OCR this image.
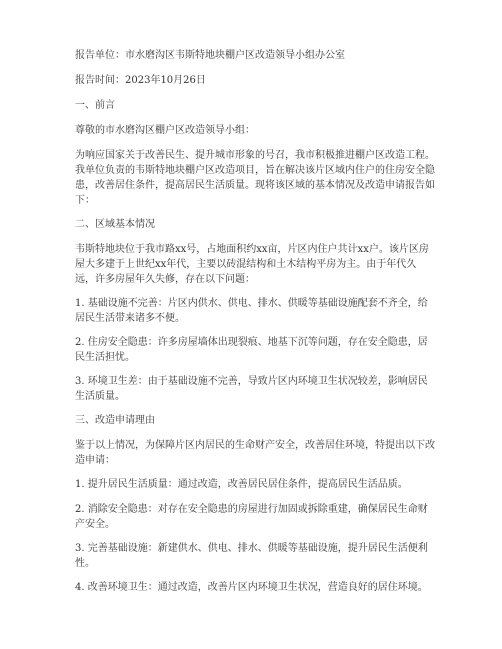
报告单位：市水磨沟区韦斯特地块棚户区改造领导小组办公室

报告时间：2023年10月26日

一、前言

尊敬的市水磨沟区棚户区改造领导小组：

为响应国家关于改善民生、提升城市形象的号召，我市积极推进棚户区改造工程。我单位负责的韦斯特地块棚户区改造项目，旨在解决该片区域内住户的住房安全隐患，改善居住条件，提高居民生活质量。现将该区域的基本情况及改造申请报告如下：

二、区域基本情况

韦斯特地块位于我市路xx号，占地面积约xx亩，片区内住户共计xx户。该片区房屋大多建于上世纪xx年代，主要以砖混结构和土木结构平房为主。由于年代久远，许多房屋年久失修，存在以下问题：

1. 基础设施不完善：片区内供水、供电、排水、供暖等基础设施配套不齐全，给居民生活带来诸多不便。

2. 住房安全隐患：许多房屋墙体出现裂痕、地基下沉等问题，存在安全隐患，居民生活担忧。

3. 环境卫生差：由于基础设施不完善，导致片区内环境卫生状况较差，影响居民生活质量。

三、改造申请理由

鉴于以上情况，为保障片区内居民的生命财产安全，改善居住环境，特提出以下改造申请：

1. 提升居民生活质量：通过改造，改善居民居住条件，提高居民生活品质。

2. 消除安全隐患：对存在安全隐患的房屋进行加固或拆除重建，确保居民生命财产安全。

3. 完善基础设施：新建供水、供电、排水、供暖等基础设施，提升居民生活便利性。

4. 改善环境卫生：通过改造，改善片区内环境卫生状况，营造良好的居住环境。
